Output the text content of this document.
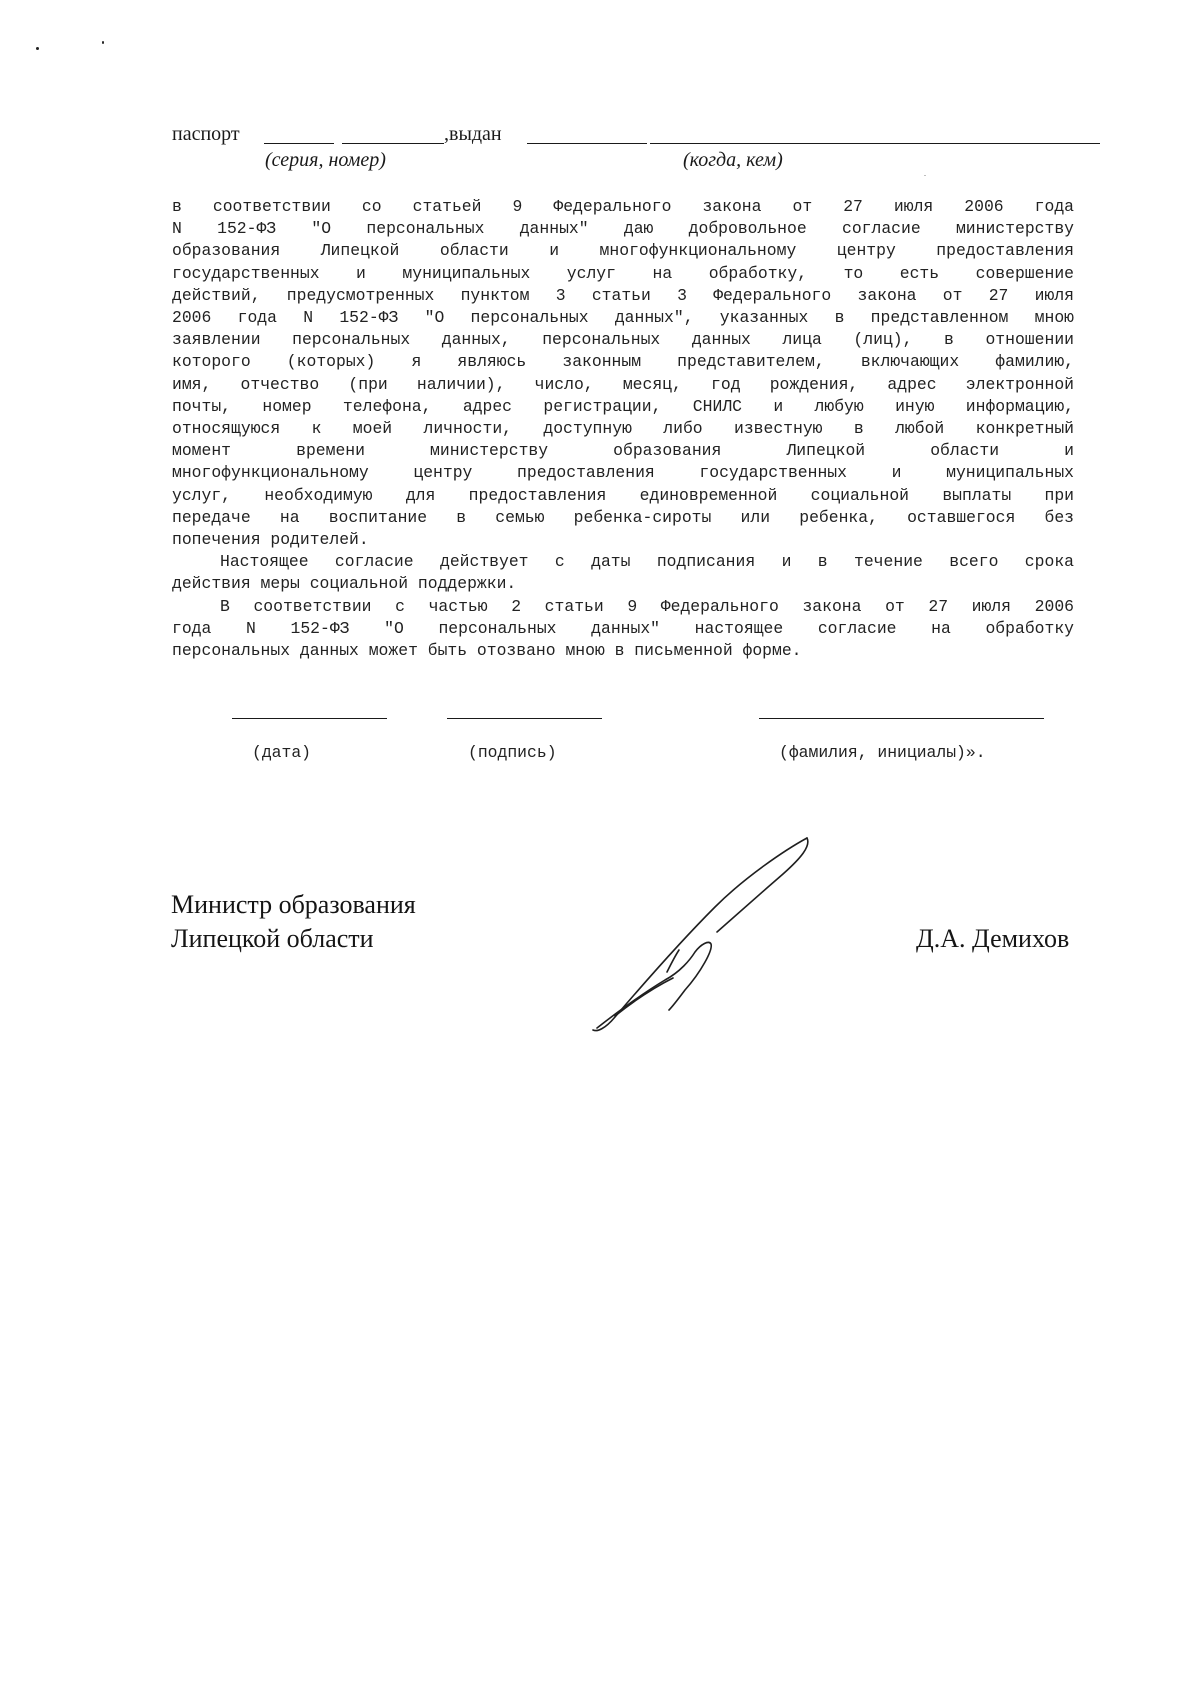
паспорт	,выдан
(серия, номер)	(когда, кем)
в соответствии со статьей 9 Федерального закона от 27 июля 2006 года
N 152-ФЗ "О персональных данных" даю добровольное согласие министерству
образования Липецкой области и многофункциональному центру предоставления
государственных и муниципальных услуг на обработку, то есть совершение
действий, предусмотренных пунктом 3 статьи 3 Федерального закона от 27 июля
2006 года N 152-ФЗ "О персональных данных", указанных в представленном мною
заявлении персональных данных, персональных данных лица (лиц), в отношении
которого (которых) я являюсь законным представителем, включающих фамилию,
имя, отчество (при наличии), число, месяц, год рождения, адрес электронной
почты, номер телефона, адрес регистрации, СНИЛС и любую иную информацию,
относящуюся к моей личности, доступную либо известную в любой конкретный
момент времени министерству образования Липецкой области и
многофункциональному центру предоставления государственных и муниципальных
услуг, необходимую для предоставления единовременной социальной выплаты при
передаче на воспитание в семью ребенка-сироты или ребенка, оставшегося без
попечения родителей.
Настоящее согласие действует с даты подписания и в течение всего срока
действия меры социальной поддержки.
В соответствии с частью 2 статьи 9 Федерального закона от 27 июля 2006
года N 152-ФЗ "О персональных данных" настоящее согласие на обработку
персональных данных может быть отозвано мною в письменной форме.
(дата)	(подпись)	(фамилия, инициалы)».
Министр образования
Липецкой области	Д.А. Демихов
